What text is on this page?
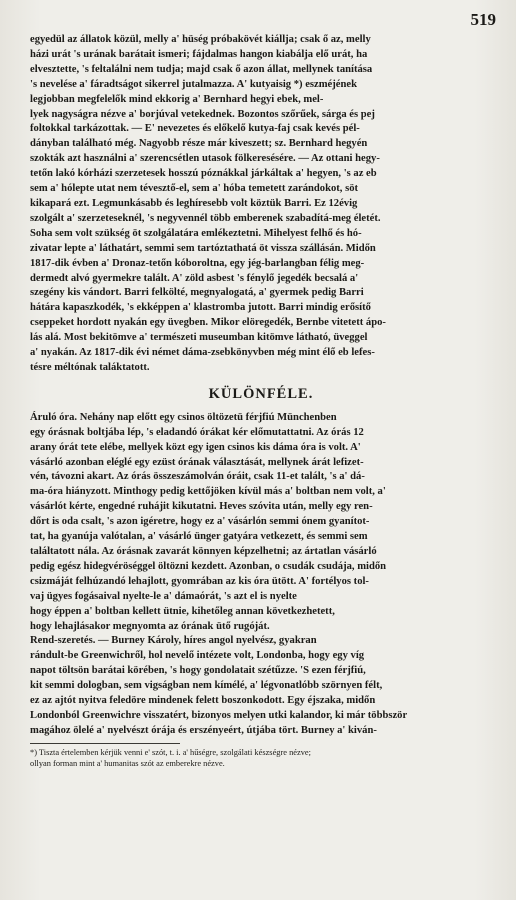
519
egyedül az állatok közül, melly a' hüség próbakövét kiállja; csak ő az, melly
házi urát 's urának barátait ismeri; fájdalmas hangon kiabálja elő urát, ha
elvesztette, 's feltalálni nem tudja; majd csak ő azon állat, mellynek tanítása
's nevelése a' fáradtságot sikerrel jutalmazza. A' kutyaisig *) eszméjének
legjobban megfelelők mind ekkorig a' Bernhard hegyi ebek, mel-
lyek nagyságra nézve a' borjúval vetekednek. Bozontos szőrűek, sárga és pej
foltokkal tarkázottak. — E' nevezetes és előkelő kutya-faj csak kevés pél-
dányban található még. Nagyobb része már kiveszett; sz. Bernhard hegyén
szokták azt használni a' szerencsétlen utasok fölkeresésére. — Az ottani hegy-
tetőn lakó kórházi szerzetesek hosszú póznákkal járkáltak a' hegyen, 's az eb
sem a' hólepte utat nem tévesztő-el, sem a' hóba temetett zarándokot, söt
kikapará ezt. Legmunkásabb és leghíresebb volt köztük Barri. Ez 12évig
szolgált a' szerzeteseknél, 's negyvennél több emberenek szabadítá-meg életét.
Soha sem volt szükség öt szolgálatára emlékeztetni. Mihelyest felhő és hó-
zivatar lepte a' láthatárt, semmi sem tartóztathatá öt vissza szállásán. Midőn
1817-dik évben a' Dronaz-tetőn kóboroltna, egy jég-barlangban félig meg-
dermedt alvó gyermekre talált. A' zöld asbest 's fénylő jegedék becsalá a'
szegény kis vándort. Barri felkölté, megnyalogatá, a' gyermek pedig Barri
hátára kapaszkodék, 's ekképpen a' klastromba jutott. Barri mindig erősítő
cseppeket hordott nyakán egy üvegben. Mikor elöregedék, Bernbe vitetett ápo-
lás alá. Most bekitömve a' természeti museumban kitömve látható, üveggel
a' nyakán. Az 1817-dik évi német dáma-zsebkönyvben még mint élő eb lefes-
tésre méltónak taláktatott.
KÜLÖNFÉLE.
Áruló óra. Nehány nap előtt egy csinos öltözetü férjfiú Münchenben
egy órásnak boltjába lép, 's eladandó órákat kér előmutattatni. Az órás 12
arany órát tete elébe, mellyek közt egy igen csinos kis dáma óra is volt. A'
vásárló azonban eléglé egy ezüst órának választását, mellynek árát lefizet-
vén, távozni akart. Az órás összeszámolván óráit, csak 11-et talált, 's a' dá-
ma-óra hiányzott. Minthogy pedig kettőjöken kívül más a' boltban nem volt, a'
vásárlót kérte, engedné ruhájit kikutatni. Heves szóvita után, melly egy ren-
dőrt is oda csalt, 's azon igéretre, hogy ez a' vásárlón semmi ónem gyanítot-
tat, ha gyanúja valótalan, a' vásárló ünger gatyára vetkezett, és semmi sem
találtatott nála. Az órásnak zavarát könnyen képzelhetni; az ártatlan vásárló
pedig egész hidegvéröséggel öltözni kezdett. Azonban, o csudák csudája, midőn
csizmáját felhúzandó lehajlott, gyomrában az kis óra ütött. A' fortélyos tol-
vaj ügyes fogásaival nyelte-le a' dámaórát, 's azt el is nyelte
hogy éppen a' boltban kellett ütnie, kihetőleg annan következhetett,
hogy lehajlásakor megnyomta az órának ütő rugóját.
Rend-szeretés. — Burney Károly, híres angol nyelvész, gyakran
rándult-be Greenwichről, hol nevelő intézete volt, Londonba, hogy egy víg
napot töltsön barátai körében, 's hogy gondolatait szétűzze. 'S ezen férjfiú,
kit semmi dologban, sem vigságban nem kímélé, a' légvonatlóbb szörnyen félt,
ez az ajtót nyitva feledöre mindenek felett boszonkodott. Egy éjszaka, midőn
Londonból Greenwichre visszatért, bizonyos melyen utki kalandor, ki már többször
magához ölelé a' nyelvészt órája és erszényeért, útjába tört. Burney a' kiván-
*) Tiszta értelemben kérjük venni e' szót, t. i. a' hűségre, szolgálati készségre nézve;
ollyan forman mint a' humanitas szót az emberekre nézve.
